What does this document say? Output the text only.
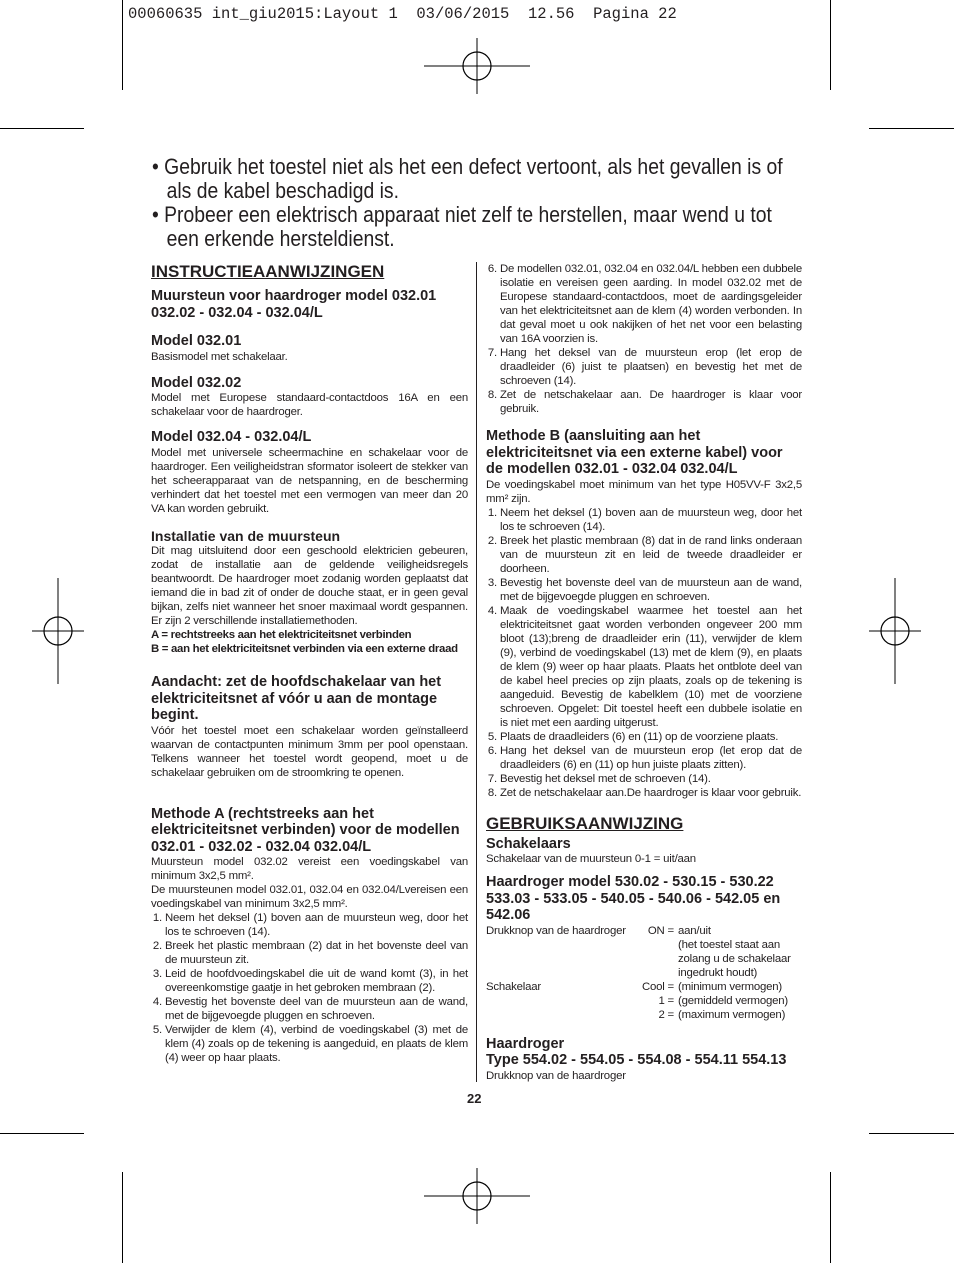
00060635 int_giu2015:Layout 1  03/06/2015  12.56  Pagina 22

• Gebruik het toestel niet als het een defect vertoont, als het gevallen is of als de kabel beschadigd is.

• Probeer een elektrisch apparaat niet zelf te herstellen, maar wend u tot een erkende hersteldienst.

INSTRUCTIEAANWIJZINGEN

Muursteun voor haardroger model 032.01 032.02 - 032.04 - 032.04/L

Model 032.01

Basismodel met schakelaar.

Model 032.02

Model met Europese standaard-contactdoos 16A en een schakelaar voor de haardroger.

Model 032.04 - 032.04/L

Model met universele scheermachine en schakelaar voor de haardroger. Een veiligheidstran sformator isoleert de stekker van het scheerapparaat van de netspanning, en de bescherming verhindert dat het toestel met een vermogen van meer dan 20 VA kan worden gebruikt.

Installatie van de muursteun

Dit mag uitsluitend door een geschoold elektricien gebeuren, zodat de installatie aan de geldende veiligheidsregels beantwoordt. De haardroger moet zodanig worden geplaatst dat iemand die in bad zit of onder de douche staat, er in geen geval bijkan, zelfs niet wanneer het snoer maximaal wordt gespannen. Er zijn 2 verschillende installatiemethoden.

A = rechtstreeks aan het elektriciteitsnet verbinden

B = aan het elektriciteitsnet verbinden via een externe draad

Aandacht: zet de hoofdschakelaar van het elektriciteitsnet af vóór u aan de montage begint.

Vóór het toestel moet een schakelaar worden geïnstalleerd waarvan de contactpunten minimum 3mm per pool openstaan. Telkens wanneer het toestel wordt geopend, moet u de schakelaar gebruiken om de stroomkring te openen.

Methode A (rechtstreeks aan het elektriciteitsnet verbinden) voor de modellen 032.01 - 032.02 - 032.04 032.04/L

Muursteun model 032.02 vereist een voedingskabel van minimum 3x2,5 mm².

De muursteunen model 032.01, 032.04 en 032.04/Lvereisen een voedingskabel van minimum 3x2,5 mm².

1. Neem het deksel (1) boven aan de muursteun weg, door het los te schroeven (14).
2. Breek het plastic membraan (2) dat in het bovenste deel van de muursteun zit.
3. Leid de hoofdvoedingskabel die uit de wand komt (3), in het overeenkomstige gaatje in het gebroken membraan (2).
4. Bevestig het bovenste deel van de muursteun aan de wand, met de bijgevoegde pluggen en schroeven.
5. Verwijder de klem (4), verbind de voedingskabel (3) met de klem (4) zoals op de tekening is aangeduid, en plaats de klem (4) weer op haar plaats.
6. De modellen 032.01, 032.04 en 032.04/L hebben een dubbele isolatie en vereisen geen aarding. In model 032.02 met de Europese standaard-contactdoos, moet de aardingsgeleider van het elektriciteitsnet aan de klem (4) worden verbonden. In dat geval moet u ook nakijken of het net voor een belasting van 16A voorzien is.
7. Hang het deksel van de muursteun erop (let erop de draadleider (6) juist te plaatsen) en bevestig het met de schroeven (14).
8. Zet de netschakelaar aan. De haardroger is klaar voor gebruik.

Methode B (aansluiting aan het elektriciteitsnet via een externe kabel) voor de modellen 032.01 - 032.04 032.04/L

De voedingskabel moet minimum van het type H05VV-F 3x2,5 mm² zijn.

1. Neem het deksel (1) boven aan de muursteun weg, door het los te schroeven (14).
2. Breek het plastic membraan (8) dat in de rand links onderaan van de muursteun zit en leid de tweede draadleider er doorheen.
3. Bevestig het bovenste deel van de muursteun aan de wand, met de bijgevoegde pluggen en schroeven.
4. Maak de voedingskabel waarmee het toestel aan het elektriciteitsnet gaat worden verbonden ongeveer 200 mm bloot (13);breng de draadleider erin (11), verwijder de klem (9), verbind de voedingskabel (13) met de klem (9), en plaats de klem (9) weer op haar plaats. Plaats het ontblote deel van de kabel heel precies op zijn plaats, zoals op de tekening is aangeduid. Bevestig de kabelklem (10) met de voorziene schroeven. Opgelet: Dit toestel heeft een dubbele isolatie en is niet met een aarding uitgerust.
5. Plaats de draadleiders (6) en (11) op de voorziene plaats.
6. Hang het deksel van de muursteun erop (let erop dat de draadleiders (6) en (11) op hun juiste plaats zitten).
7. Bevestig het deksel met de schroeven (14).
8. Zet de netschakelaar aan.De haardroger is klaar voor gebruik.

GEBRUIKSAANWIJZING

Schakelaars

Schakelaar van de muursteun 0-1 = uit/aan

Haardroger model 530.02 - 530.15 - 530.22 533.03 - 533.05 - 540.05 - 540.06 - 542.05 en 542.06

Drukknop van de haardroger	ON = aan/uit
(het toestel staat aan
zolang u de schakelaar
ingedrukt houdt)
Schakelaar	Cool = (minimum vermogen)
1 = (gemiddeld vermogen)
2 = (maximum vermogen)

Haardroger

Type 554.02 - 554.05 - 554.08 - 554.11 554.13

Drukknop van de haardroger

22
